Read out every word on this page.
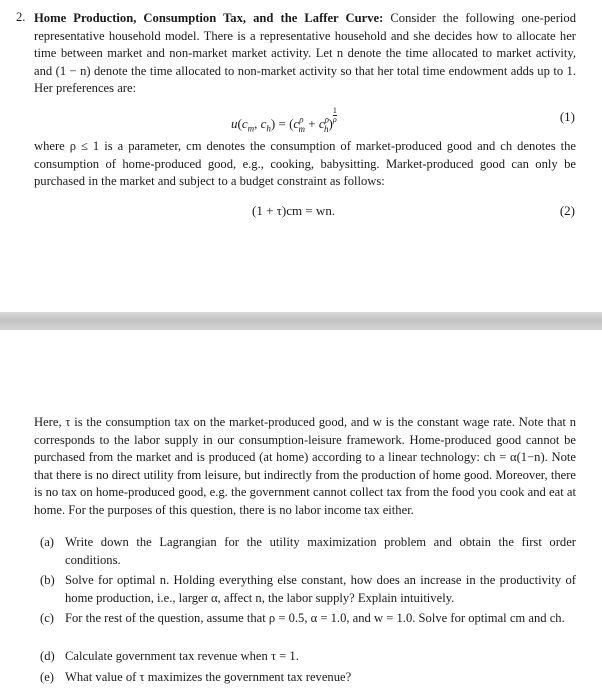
2. Home Production, Consumption Tax, and the Laffer Curve: Consider the following one-period representative household model. There is a representative household and she decides how to allocate her time between market and non-market market activity. Let n denote the time allocated to market activity, and (1 − n) denote the time allocated to non-market activity so that her total time endowment adds up to 1. Her preferences are:
$u(c_m$, $c_h) = (c^\rho_m + c^\rho_h) \frac{1}{\rho}$	(1)
where ρ ≤ 1 is a parameter, cm denotes the consumption of market-produced good and ch denotes the consumption of home-produced good, e.g., cooking, babysitting. Market-produced good can only be purchased in the market and subject to a budget constraint as follows:
(1 + τ)cm = wn.	(2)
Here, τ is the consumption tax on the market-produced good, and w is the constant wage rate. Note that n corresponds to the labor supply in our consumption-leisure framework. Home-produced good cannot be purchased from the market and is produced (at home) according to a linear technology: ch = α(1−n). Note that there is no direct utility from leisure, but indirectly from the production of home good. Moreover, there is no tax on home-produced good, e.g. the government cannot collect tax from the food you cook and eat at home. For the purposes of this question, there is no labor income tax either.
(a) Write down the Lagrangian for the utility maximization problem and obtain the first order conditions.
(b) Solve for optimal n. Holding everything else constant, how does an increase in the productivity of home production, i.e., larger α, affect n, the labor supply? Explain intuitively.
(c) For the rest of the question, assume that ρ = 0.5, α = 1.0, and w = 1.0. Solve for optimal cm and ch.
(d) Calculate government tax revenue when τ = 1.
(e) What value of τ maximizes the government tax revenue?
